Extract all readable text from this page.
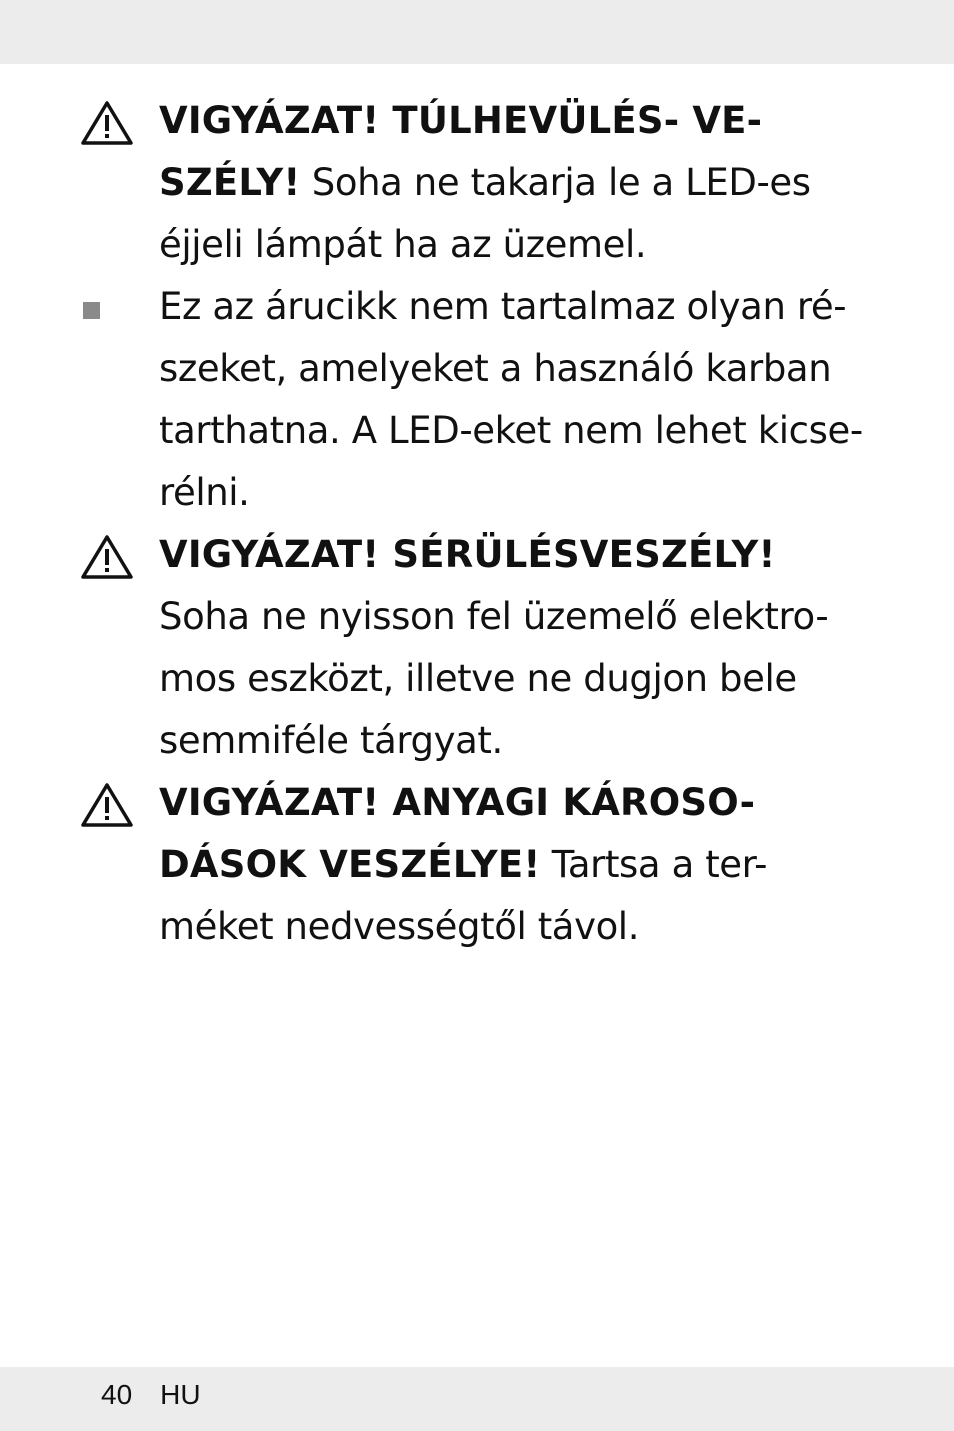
VIGYÁZAT! TÚLHEVÜLÉS- VE-
SZÉLY! Soha ne takarja le a LED-es
éjjeli lámpát ha az üzemel.
Ez az árucikk nem tartalmaz olyan ré-
szeket, amelyeket a használó karban
tarthatna. A LED-eket nem lehet kicse-
rélni.
VIGYÁZAT! SÉRÜLÉSVESZÉLY!
Soha ne nyisson fel üzemelő elektro-
mos eszközt, illetve ne dugjon bele
semmiféle tárgyat.
VIGYÁZAT! ANYAGI KÁROSO-
DÁSOK VESZÉLYE! Tartsa a ter-
méket nedvességtől távol.
40 HU
